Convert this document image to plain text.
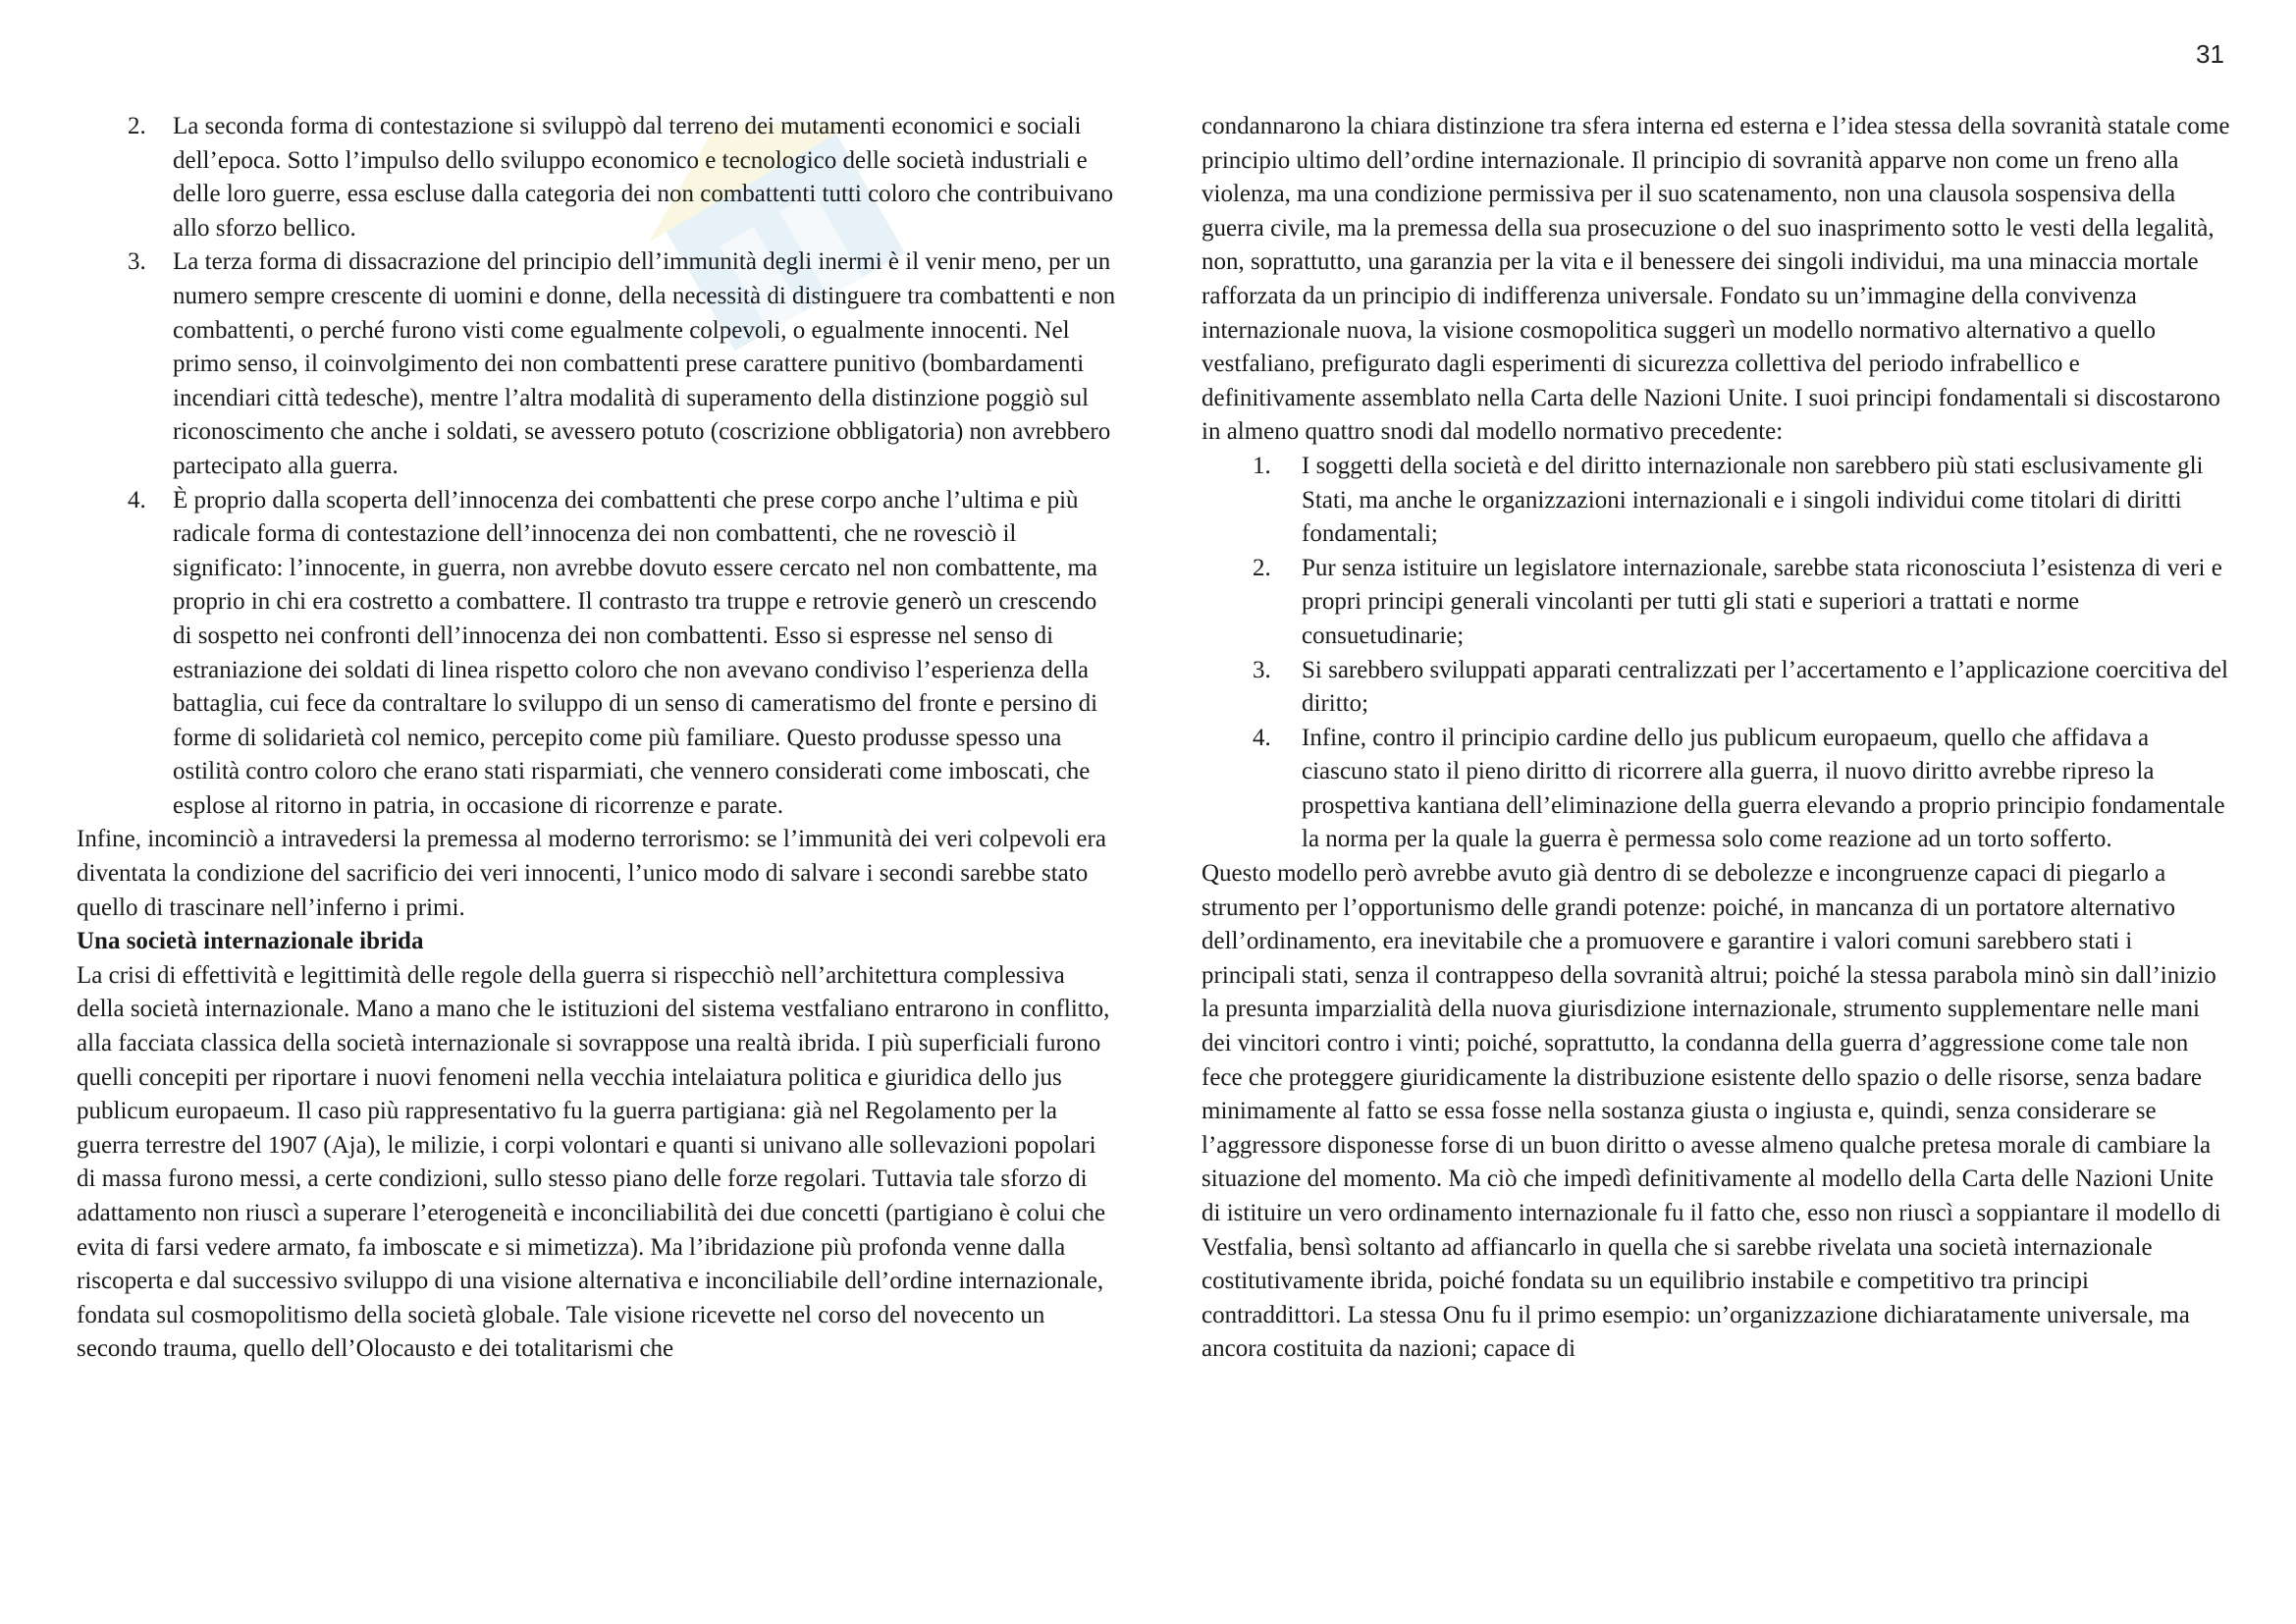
31
2. La seconda forma di contestazione si sviluppò dal terreno dei mutamenti economici e sociali dell’epoca. Sotto l’impulso dello sviluppo economico e tecnologico delle società industriali e delle loro guerre, essa escluse dalla categoria dei non combattenti tutti coloro che contribuivano allo sforzo bellico.
3. La terza forma di dissacrazione del principio dell’immunità degli inermi è il venir meno, per un numero sempre crescente di uomini e donne, della necessità di distinguere tra combattenti e non combattenti, o perché furono visti come egualmente colpevoli, o egualmente innocenti. Nel primo senso, il coinvolgimento dei non combattenti prese carattere punitivo (bombardamenti incendiari città tedesche), mentre l’altra modalità di superamento della distinzione poggiò sul riconoscimento che anche i soldati, se avessero potuto (coscrizione obbligatoria) non avrebbero partecipato alla guerra.
4. È proprio dalla scoperta dell’innocenza dei combattenti che prese corpo anche l’ultima e più radicale forma di contestazione dell’innocenza dei non combattenti, che ne rovesciò il significato: l’innocente, in guerra, non avrebbe dovuto essere cercato nel non combattente, ma proprio in chi era costretto a combattere. Il contrasto tra truppe e retrovie generò un crescendo di sospetto nei confronti dell’innocenza dei non combattenti. Esso si espresse nel senso di estraniazione dei soldati di linea rispetto coloro che non avevano condiviso l’esperienza della battaglia, cui fece da contraltare lo sviluppo di un senso di cameratismo del fronte e persino di forme di solidarietà col nemico, percepito come più familiare. Questo produsse spesso una ostilità contro coloro che erano stati risparmiati, che vennero considerati come imboscati, che esplose al ritorno in patria, in occasione di ricorrenze e parate.

Infine, incominciò a intravedersi la premessa al moderno terrorismo: se l’immunità dei veri colpevoli era diventata la condizione del sacrificio dei veri innocenti, l’unico modo di salvare i secondi sarebbe stato quello di trascinare nell’inferno i primi.

Una società internazionale ibrida

La crisi di effettività e legittimità delle regole della guerra si rispecchiò nell’architettura complessiva della società internazionale. Mano a mano che le istituzioni del sistema vestfaliano entrarono in conflitto, alla facciata classica della società internazionale si sovrappose una realtà ibrida. I più superficiali furono quelli concepiti per riportare i nuovi fenomeni nella vecchia intelaiatura politica e giuridica dello jus publicum europaeum. Il caso più rappresentativo fu la guerra partigiana: già nel Regolamento per la guerra terrestre del 1907 (Aja), le milizie, i corpi volontari e quanti si univano alle sollevazioni popolari di massa furono messi, a certe condizioni, sullo stesso piano delle forze regolari. Tuttavia tale sforzo di adattamento non riuscì a superare l’eterogeneità e inconciliabilità dei due concetti (partigiano è colui che evita di farsi vedere armato, fa imboscate e si mimetizza). Ma l’ibridazione più profonda venne dalla riscoperta e dal successivo sviluppo di una visione alternativa e inconciliabile dell’ordine internazionale, fondata sul cosmopolitismo della società globale. Tale visione ricevette nel corso del novecento un secondo trauma, quello dell’Olocausto e dei totalitarismi che

condannarono la chiara distinzione tra sfera interna ed esterna e l’idea stessa della sovranità statale come principio ultimo dell’ordine internazionale. Il principio di sovranità apparve non come un freno alla violenza, ma una condizione permissiva per il suo scatenamento, non una clausola sospensiva della guerra civile, ma la premessa della sua prosecuzione o del suo inasprimento sotto le vesti della legalità, non, soprattutto, una garanzia per la vita e il benessere dei singoli individui, ma una minaccia mortale rafforzata da un principio di indifferenza universale. Fondato su un’immagine della convivenza internazionale nuova, la visione cosmopolitica suggerì un modello normativo alternativo a quello vestfaliano, prefigurato dagli esperimenti di sicurezza collettiva del periodo infrabellico e definitivamente assemblato nella Carta delle Nazioni Unite. I suoi principi fondamentali si discostarono in almeno quattro snodi dal modello normativo precedente:

1. I soggetti della società e del diritto internazionale non sarebbero più stati esclusivamente gli Stati, ma anche le organizzazioni internazionali e i singoli individui come titolari di diritti fondamentali;
2. Pur senza istituire un legislatore internazionale, sarebbe stata riconosciuta l’esistenza di veri e propri principi generali vincolanti per tutti gli stati e superiori a trattati e norme consuetudinarie;
3. Si sarebbero sviluppati apparati centralizzati per l’accertamento e l’applicazione coercitiva del diritto;
4. Infine, contro il principio cardine dello jus publicum europaeum, quello che affidava a ciascuno stato il pieno diritto di ricorrere alla guerra, il nuovo diritto avrebbe ripreso la prospettiva kantiana dell’eliminazione della guerra elevando a proprio principio fondamentale la norma per la quale la guerra è permessa solo come reazione ad un torto sofferto.

Questo modello però avrebbe avuto già dentro di se debolezze e incongruenze capaci di piegarlo a strumento per l’opportunismo delle grandi potenze: poiché, in mancanza di un portatore alternativo dell’ordinamento, era inevitabile che a promuovere e garantire i valori comuni sarebbero stati i principali stati, senza il contrappeso della sovranità altrui; poiché la stessa parabola minò sin dall’inizio la presunta imparzialità della nuova giurisdizione internazionale, strumento supplementare nelle mani dei vincitori contro i vinti; poiché, soprattutto, la condanna della guerra d’aggressione come tale non fece che proteggere giuridicamente la distribuzione esistente dello spazio o delle risorse, senza badare minimamente al fatto se essa fosse nella sostanza giusta o ingiusta e, quindi, senza considerare se l’aggressore disponesse forse di un buon diritto o avesse almeno qualche pretesa morale di cambiare la situazione del momento. Ma ciò che impedì definitivamente al modello della Carta delle Nazioni Unite di istituire un vero ordinamento internazionale fu il fatto che, esso non riuscì a soppiantare il modello di Vestfalia, bensì soltanto ad affiancarlo in quella che si sarebbe rivelata una società internazionale costitutivamente ibrida, poiché fondata su un equilibrio instabile e competitivo tra principi contraddittori. La stessa Onu fu il primo esempio: un’organizzazione dichiaratamente universale, ma ancora costituita da nazioni; capace di
